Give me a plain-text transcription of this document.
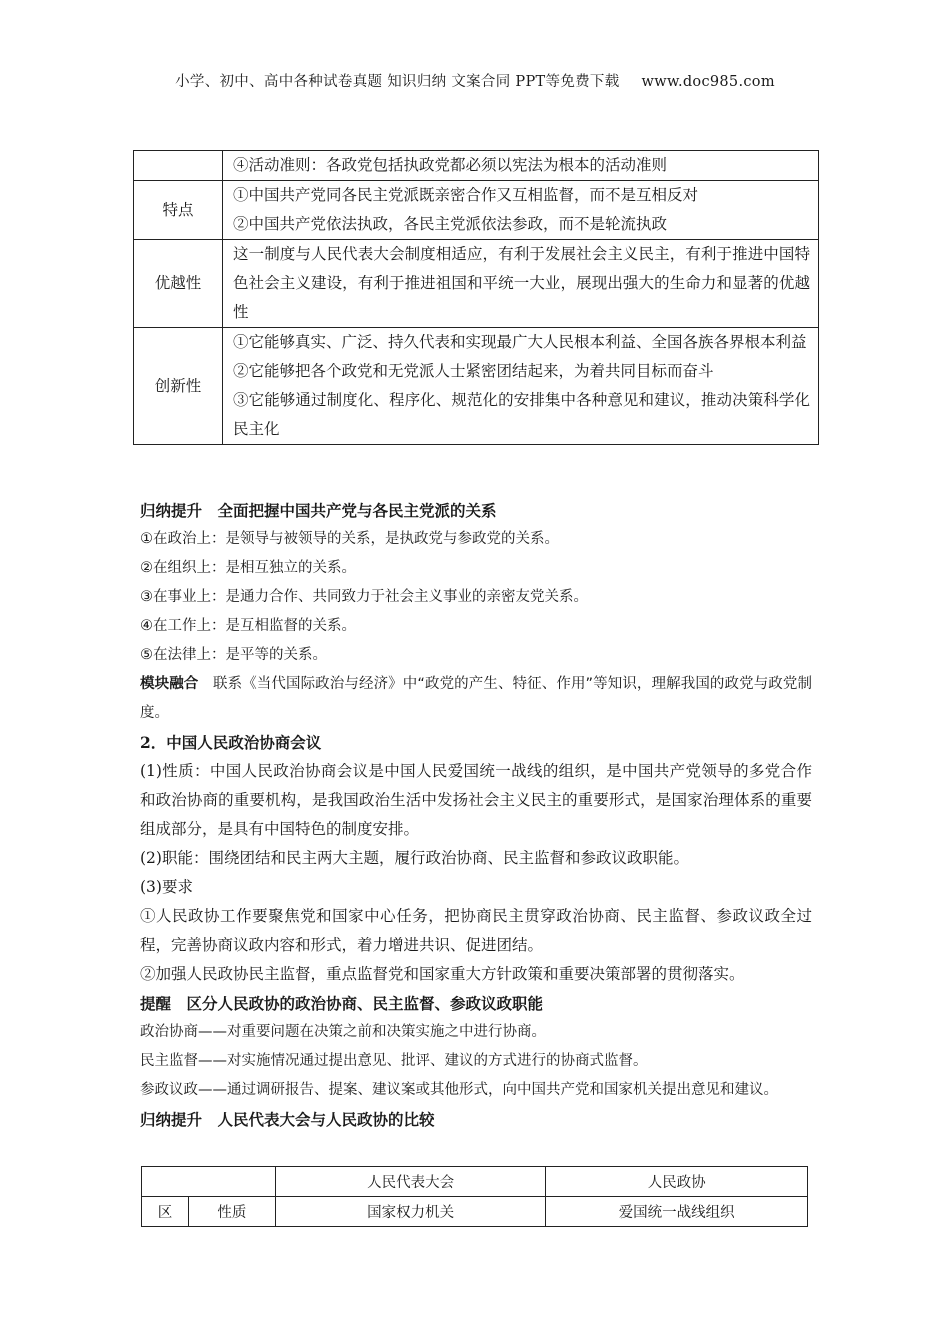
小学、初中、高中各种试卷真题 知识归纳 文案合同 PPT等免费下载 www.doc985.com

	④活动准则：各政党包括执政党都必须以宪法为根本的活动准则

特点	①中国共产党同各民主党派既亲密合作又互相监督，而不是互相反对
②中国共产党依法执政，各民主党派依法参政，而不是轮流执政

优越性	这一制度与人民代表大会制度相适应，有利于发展社会主义民主，有利于推进中国特色社会主义建设，有利于推进祖国和平统一大业，展现出强大的生命力和显著的优越性

创新性	①它能够真实、广泛、持久代表和实现最广大人民根本利益、全国各族各界根本利益
②它能够把各个政党和无党派人士紧密团结起来，为着共同目标而奋斗
③它能够通过制度化、程序化、规范化的安排集中各种意见和建议，推动决策科学化民主化

归纳提升　全面把握中国共产党与各民主党派的关系

①在政治上：是领导与被领导的关系，是执政党与参政党的关系。

②在组织上：是相互独立的关系。

③在事业上：是通力合作、共同致力于社会主义事业的亲密友党关系。

④在工作上：是互相监督的关系。

⑤在法律上：是平等的关系。

模块融合　 联系《当代国际政治与经济》中“政党的产生、特征、作用”等知识，理解我国的政党与政党制度。

2．中国人民政治协商会议

(1)性质：中国人民政治协商会议是中国人民爱国统一战线的组织，是中国共产党领导的多党合作和政治协商的重要机构，是我国政治生活中发扬社会主义民主的重要形式，是国家治理体系的重要组成部分，是具有中国特色的制度安排。

(2)职能：围绕团结和民主两大主题，履行政治协商、民主监督和参政议政职能。

(3)要求

①人民政协工作要聚焦党和国家中心任务，把协商民主贯穿政治协商、民主监督、参政议政全过程，完善协商议政内容和形式，着力增进共识、促进团结。

②加强人民政协民主监督，重点监督党和国家重大方针政策和重要决策部署的贯彻落实。

提醒　区分人民政协的政治协商、民主监督、参政议政职能

政治协商——对重要问题在决策之前和决策实施之中进行协商。

民主监督——对实施情况通过提出意见、批评、建议的方式进行的协商式监督。

参政议政——通过调研报告、提案、建议案或其他形式，向中国共产党和国家机关提出意见和建议。

归纳提升　人民代表大会与人民政协的比较

		人民代表大会	人民政协
区	性质	国家权力机关	爱国统一战线组织
